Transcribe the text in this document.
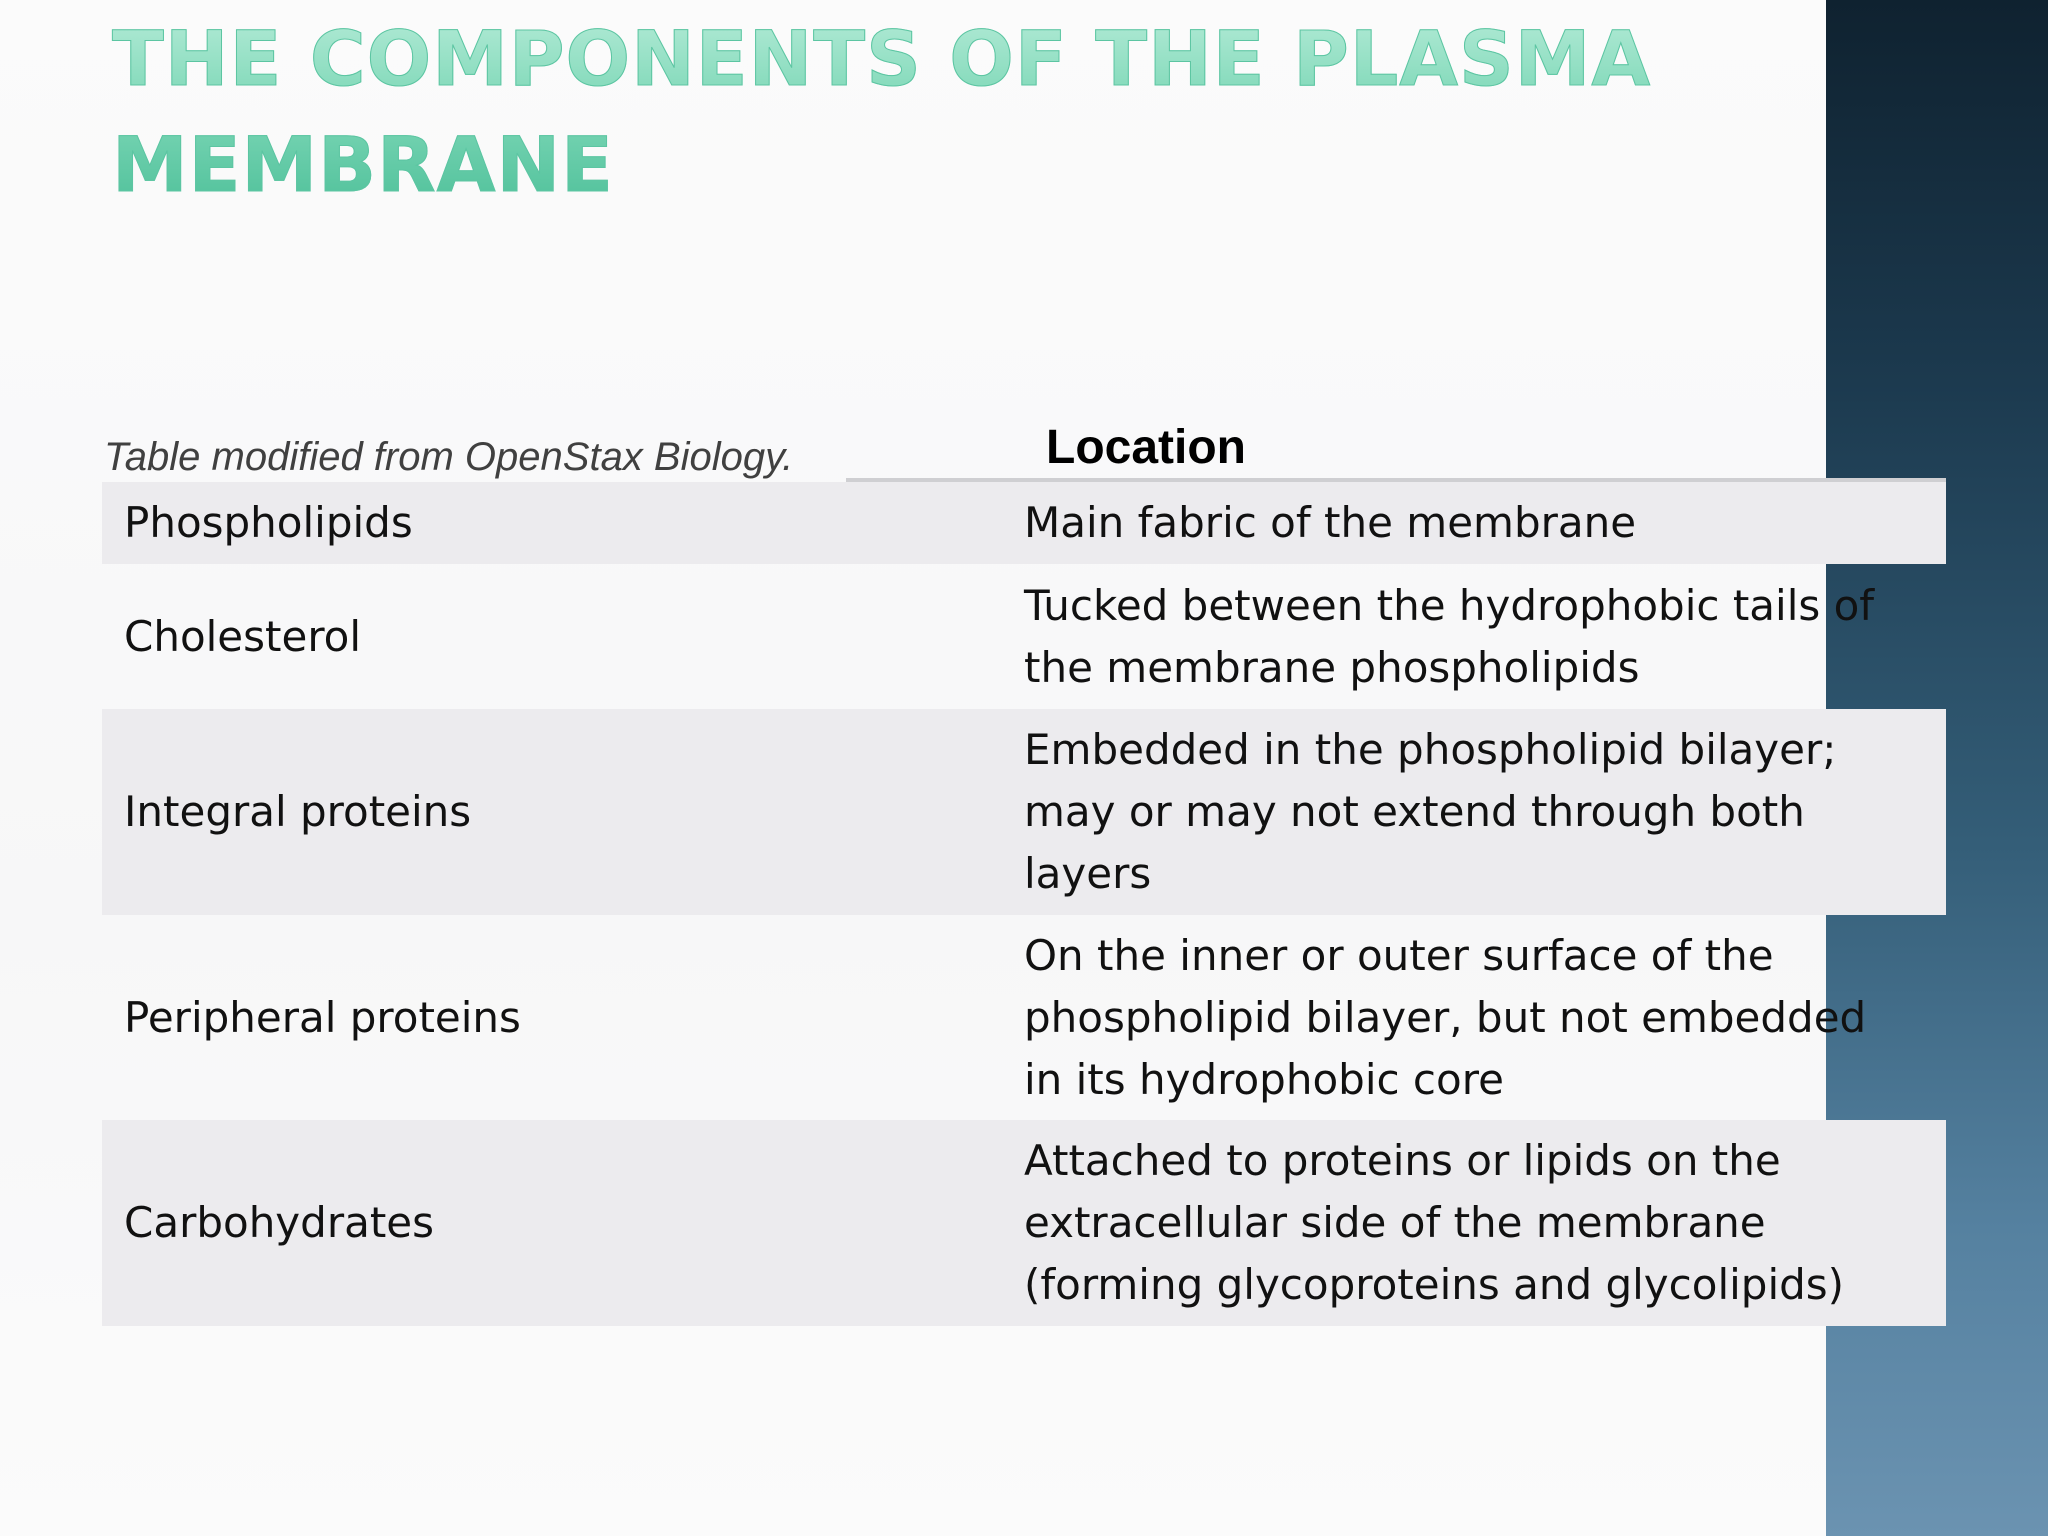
THE COMPONENTS OF THE PLASMA MEMBRANE
Table modified from OpenStax Biology.	Location
Phospholipids	Main fabric of the membrane
Cholesterol
Tucked between the hydrophobic tails of the membrane phospholipids
Integral proteins
Embedded in the phospholipid bilayer; may or may not extend through both layers
Peripheral proteins
On the inner or outer surface of the phospholipid bilayer, but not embedded in its hydrophobic core
Carbohydrates
Attached to proteins or lipids on the extracellular side of the membrane (forming glycoproteins and glycolipids)
